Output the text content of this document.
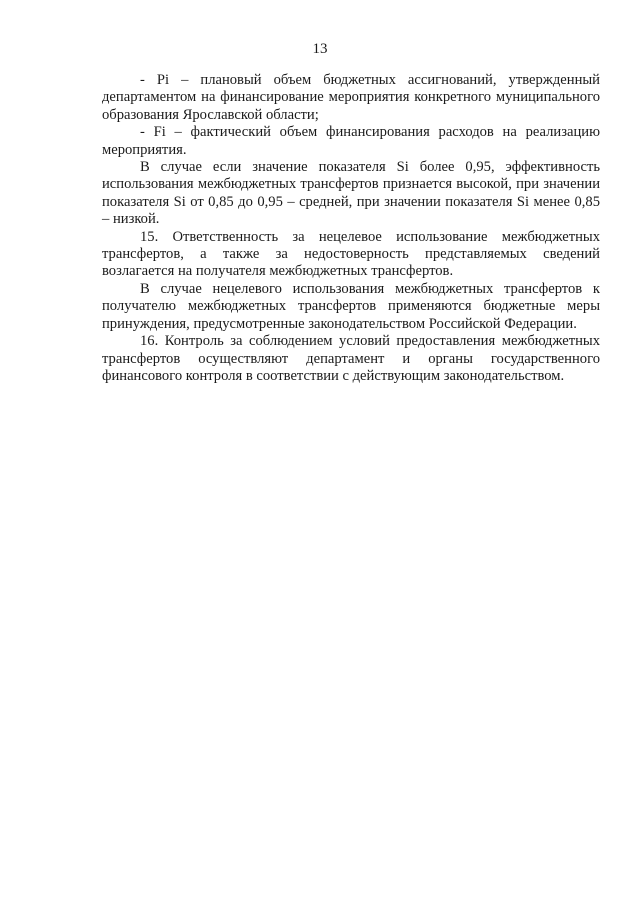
13

- Pi – плановый объем бюджетных ассигнований, утвержденный департаментом на финансирование мероприятия конкретного муниципального образования Ярославской области;

- Fi – фактический объем финансирования расходов на реализацию мероприятия.

В случае если значение показателя Si более 0,95, эффективность использования межбюджетных трансфертов признается высокой, при значении показателя Si от 0,85 до 0,95 – средней, при значении показателя Si менее 0,85 – низкой.

15. Ответственность за нецелевое использование межбюджетных трансфертов, а также за недостоверность представляемых сведений возлагается на получателя межбюджетных трансфертов.

В случае нецелевого использования межбюджетных трансфертов к получателю межбюджетных трансфертов применяются бюджетные меры принуждения, предусмотренные законодательством Российской Федерации.

16. Контроль за соблюдением условий предоставления межбюджетных трансфертов осуществляют департамент и органы государственного финансового контроля в соответствии с действующим законодательством.
